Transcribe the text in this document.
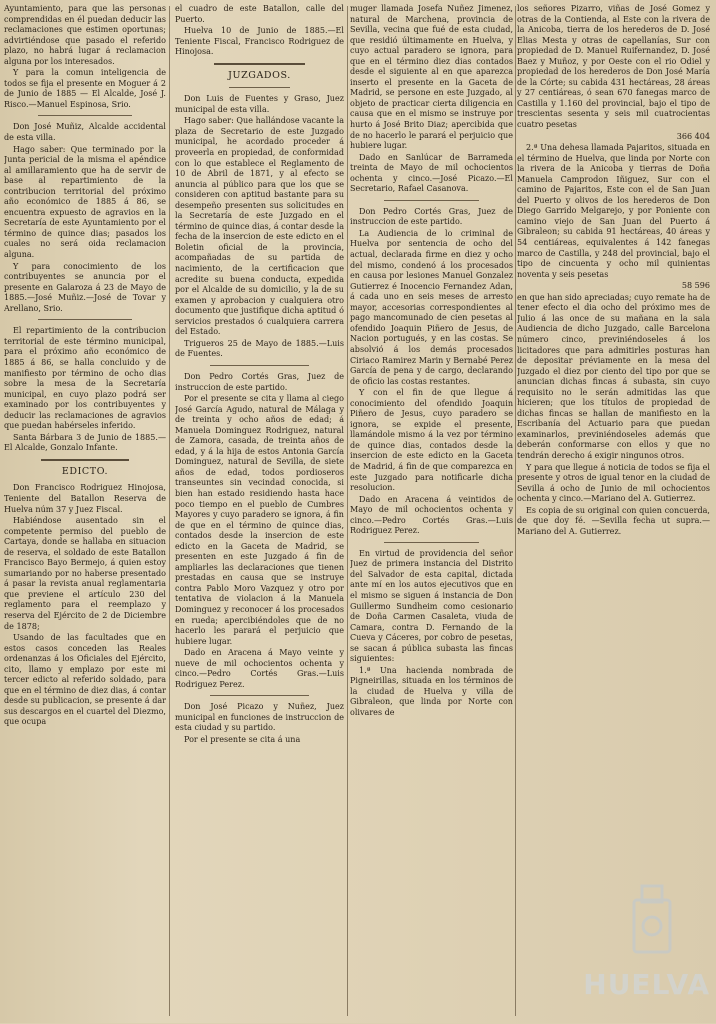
Ayuntamiento, para que las personas comprendidas en él puedan deducir las reclamaciones que estimen oportunas; advirtiéndose que pasado el referido plazo, no habrá lugar á reclamacion alguna por los interesados.

Y para la comun inteligencia de todos se fija el presente en Moguer á 2 de Junio de 1885 — El Alcalde, José J. Risco.—Manuel Espinosa, Srio.

Don José Muñiz, Alcalde accidental de esta villa.

Hago saber: Que terminado por la Junta pericial de la misma el apéndice al amillaramiento que ha de servir de base al repartimiento de la contribucion territorial del próximo año económico de 1885 á 86, se encuentra expuesto de agravios en la Secretaría de este Ayuntamiento por el término de quince dias; pasados los cuales no será oida reclamacion alguna.

Y para conocimiento de los contribuyentes se anuncia por el presente en Galaroza á 23 de Mayo de 1885.—José Muñiz.—José de Tovar y Arellano, Srio.

El repartimiento de la contribucion territorial de este término municipal, para el próximo año económico de 1885 á 86, se halla concluido y de manifiesto por término de ocho dias sobre la mesa de la Secretaría municipal, en cuyo plazo podrá ser examinado por los contribuyentes y deducir las reclamaciones de agravios que puedan habérseles inferido.

Santa Bárbara 3 de Junio de 1885.—El Alcalde, Gonzalo Infante.

EDICTO.

Don Francisco Rodriguez Hinojosa, Teniente del Batallon Reserva de Huelva núm 37 y Juez Fiscal.

Habiéndose ausentado sin el competente permiso del pueblo de Cartaya, donde se hallaba en situacion de reserva, el soldado de este Batallon Francisco Bayo Bermejo, á quien estoy sumariando por no haberse presentado á pasar la revista anual reglamentaria que previene el artículo 230 del reglamento para el reemplazo y reserva del Ejército de 2 de Diciembre de 1878;

Usando de las facultades que en estos casos conceden las Reales ordenanzas á los Oficiales del Ejército, cito, llamo y emplazo por este mi tercer edicto al referido soldado, para que en el término de diez dias, á contar desde su publicacion, se presente á dar sus descargos en el cuartel del Diezmo, que ocupa

el cuadro de este Batallon, calle del Puerto.

Huelva 10 de Junio de 1885.—El Teniente Fiscal, Francisco Rodriguez de Hinojosa.

JUZGADOS.

Don Luis de Fuentes y Graso, Juez municipal de esta villa.

Hago saber: Que hallándose vacante la plaza de Secretario de este Juzgado municipal, he acordado proceder á proveerla en propiedad, de conformidad con lo que establece el Reglamento de 10 de Abril de 1871, y al efecto se anuncia al público para que los que se consideren con aptitud bastante para su desempeño presenten sus solicitudes en la Secretaría de este Juzgado en el término de quince dias, á contar desde la fecha de la insercion de este edicto en el Boletin oficial de la provincia, acompañadas de su partida de nacimiento, de la certificacion que acredite su buena conducta, expedida por el Alcalde de su domicilio, y la de su examen y aprobacion y cualquiera otro documento que justifique dicha aptitud ó servicios prestados ó cualquiera carrera del Estado.

Trigueros 25 de Mayo de 1885.—Luis de Fuentes.

Don Pedro Cortés Gras, Juez de instruccion de este partido.

Por el presente se cita y llama al ciego José García Agudo, natural de Málaga y de treinta y ocho años de edad; á Manuela Dominguez Rodriguez, natural de Zamora, casada, de treinta años de edad, y á la hija de estos Antonia García Dominguez, natural de Sevilla, de siete años de edad, todos pordioseros transeuntes sin vecindad conocida, si bien han estado residiendo hasta hace poco tiempo en el pueblo de Cumbres Mayores y cuyo paradero se ignora, á fin de que en el término de quince dias, contados desde la insercion de este edicto en la Gaceta de Madrid, se presenten en este Juzgado á fin de ampliarles las declaraciones que tienen prestadas en causa que se instruye contra Pablo Moro Vazquez y otro por tentativa de violacion á la Manuela Dominguez y reconocer á los procesados en rueda; apercibiéndoles que de no hacerlo les parará el perjuicio que hubiere lugar.

Dado en Aracena á Mayo veinte y nueve de mil ochocientos ochenta y cinco.—Pedro Cortés Gras.—Luis Rodriguez Perez.

Don José Picazo y Nuñez, Juez municipal en funciones de instruccion de esta ciudad y su partido.

Por el presente se cita á una

muger llamada Josefa Nuñez Jimenez, natural de Marchena, provincia de Sevilla, vecina que fué de esta ciudad, que residió últimamente en Huelva, y cuyo actual paradero se ignora, para que en el término diez dias contados desde el siguiente al en que aparezca inserto el presente en la Gaceta de Madrid, se persone en este Juzgado, al objeto de practicar cierta diligencia en causa que en el mismo se instruye por hurto á José Brito Diaz; apercibida que de no hacerlo le parará el perjuicio que hubiere lugar.

Dado en Sanlúcar de Barrameda treinta de Mayo de mil ochocientos ochenta y cinco.—José Picazo.—El Secretario, Rafael Casanova.

Don Pedro Cortés Gras, Juez de instruccion de este partido.

La Audiencia de lo criminal de Huelva por sentencia de ocho del actual, declarada firme en diez y ocho del mismo, condenó á los procesados en causa por lesiones Manuel Gonzalez Gutierrez é Inocencio Fernandez Adan, á cada uno en seis meses de arresto mayor, accesorias correspondientes al pago mancomunado de cien pesetas al ofendido Joaquin Piñero de Jesus, de Nacion portugués, y en las costas. Se absolvió á los demás procesados Ciriaco Ramirez Marin y Bernabé Perez García de pena y de cargo, declarando de oficio las costas restantes.

Y con el fin de que llegue á conocimiento del ofendido Joaquin Piñero de Jesus, cuyo paradero se ignora, se expide el presente, llamándole mismo á la vez por término de quince dias, contados desde la insercion de este edicto en la Gaceta de Madrid, á fin de que comparezca en este Juzgado para notificarle dicha resolucion.

Dado en Aracena á veintidos de Mayo de mil ochocientos ochenta y cinco.—Pedro Cortés Gras.—Luis Rodriguez Perez.

En virtud de providencia del señor Juez de primera instancia del Distrito del Salvador de esta capital, dictada ante mí en los autos ejecutivos que en el mismo se siguen á instancia de Don Guillermo Sundheim como cesionario de Doña Carmen Casaleta, viuda de Camara, contra D. Fernando de la Cueva y Cáceres, por cobro de pesetas, se sacan á pública subasta las fincas siguientes:

1.ª Una hacienda nombrada de Pigneirillas, situada en los términos de la ciudad de Huelva y villa de Gibraleon, que linda por Norte con olivares de

los señores Pizarro, viñas de José Gomez y otras de la Contienda, al Este con la rivera de la Anicoba, tierra de los herederos de D. José Elias Mesta y otras de capellanías, Sur con propiedad de D. Manuel Ruifernandez, D. José Baez y Muñoz, y por Oeste con el rio Odiel y propiedad de los herederos de Don José María de la Córte; su cabida 431 hectáreas, 28 áreas y 27 centiáreas, ó sean 670 fanegas marco de Castilla y 1.160 del provincial, bajo el tipo de trescientas sesenta y seis mil cuatrocientas cuatro pesetas

366 404

2.ª Una dehesa llamada Pajaritos, situada en el término de Huelva, que linda por Norte con la rivera de la Anicoba y tierras de Doña Manuela Camprodon Iñiguez, Sur con el camino de Pajaritos, Este con el de San Juan del Puerto y olivos de los herederos de Don Diego Garrido Melgarejo, y por Poniente con camino viejo de San Juan del Puerto á Gibraleon; su cabida 91 hectáreas, 40 áreas y 54 centiáreas, equivalentes á 142 fanegas marco de Castilla, y 248 del provincial, bajo el tipo de cincuenta y ocho mil quinientas noventa y seis pesetas

58 596

en que han sido apreciadas; cuyo remate ha de tener efecto el dia ocho del próximo mes de Julio á las once de su mañana en la sala Audiencia de dicho Juzgado, calle Barcelona número cinco, previniéndoseles á los licitadores que para admitirles posturas han de depositar préviamente en la mesa del Juzgado el diez por ciento del tipo por que se anuncian dichas fincas á subasta, sin cuyo requisito no le serán admitidas las que hicieren; que los títulos de propiedad de dichas fincas se hallan de manifiesto en la Escribanía del Actuario para que puedan examinarlos, previniéndoseles además que deberán conformarse con ellos y que no tendrán derecho á exigir ningunos otros.

Y para que llegue á noticia de todos se fija el presente y otros de igual tenor en la ciudad de Sevilla á ocho de Junio de mil ochocientos ochenta y cinco.—Mariano del A. Gutierrez.

Es copia de su original con quien concuerda, de que doy fé. —Sevilla fecha ut supra.—Mariano del A. Gutierrez.

HUELVA
